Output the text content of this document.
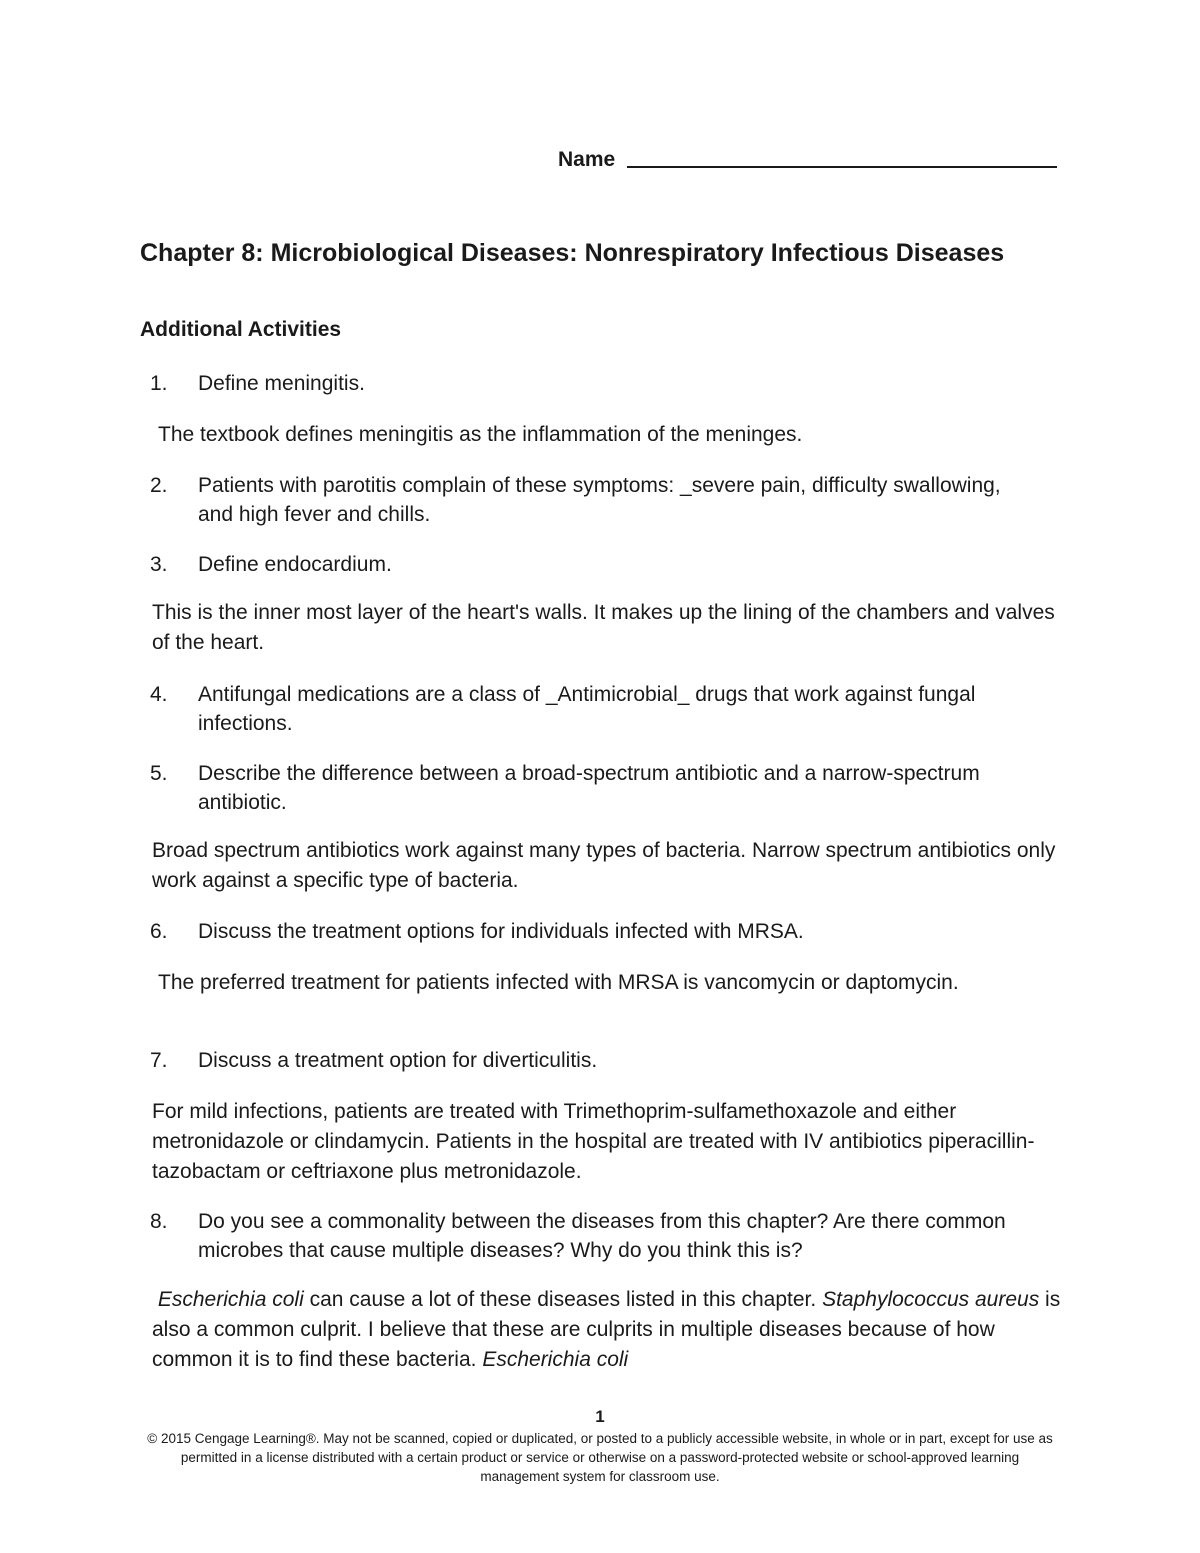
Name
Chapter 8: Microbiological Diseases: Nonrespiratory Infectious Diseases
Additional Activities
1. Define meningitis.
The textbook defines meningitis as the inflammation of the meninges.
2. Patients with parotitis complain of these symptoms: _severe pain, difficulty swallowing, and high fever and chills.
3. Define endocardium.
This is the inner most layer of the heart's walls. It makes up the lining of the chambers and valves of the heart.
4. Antifungal medications are a class of _Antimicrobial_ drugs that work against fungal infections.
5. Describe the difference between a broad-spectrum antibiotic and a narrow-spectrum antibiotic.
Broad spectrum antibiotics work against many types of bacteria. Narrow spectrum antibiotics only work against a specific type of bacteria.
6. Discuss the treatment options for individuals infected with MRSA.
The preferred treatment for patients infected with MRSA is vancomycin or daptomycin.
7. Discuss a treatment option for diverticulitis.
For mild infections, patients are treated with Trimethoprim-sulfamethoxazole and either metronidazole or clindamycin. Patients in the hospital are treated with IV antibiotics piperacillin-tazobactam or ceftriaxone plus metronidazole.
8. Do you see a commonality between the diseases from this chapter? Are there common microbes that cause multiple diseases? Why do you think this is?
Escherichia coli can cause a lot of these diseases listed in this chapter. Staphylococcus aureus is also a common culprit. I believe that these are culprits in multiple diseases because of how common it is to find these bacteria. Escherichia coli
1
© 2015 Cengage Learning®. May not be scanned, copied or duplicated, or posted to a publicly accessible website, in whole or in part, except for use as permitted in a license distributed with a certain product or service or otherwise on a password-protected website or school-approved learning management system for classroom use.
